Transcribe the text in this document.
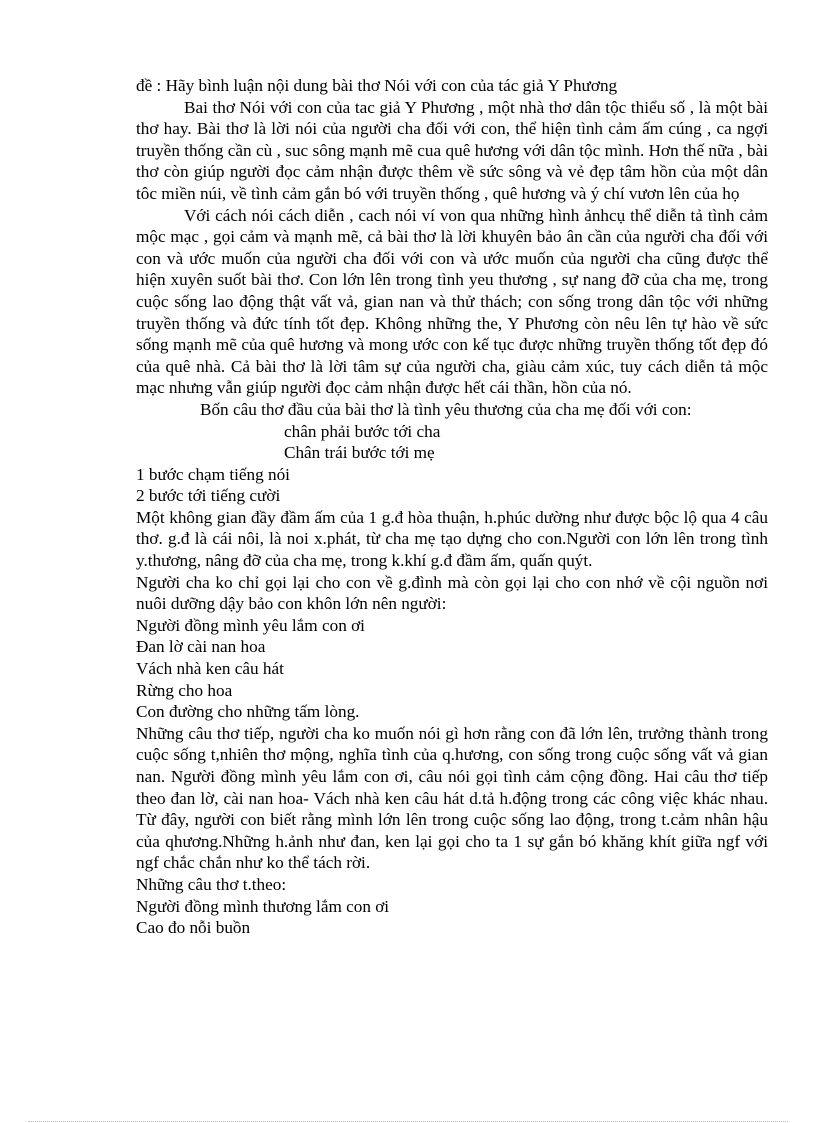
đề : Hãy bình luận nội dung bài thơ Nói với con của tác giả Y Phương

Bai thơ Nói với con của tac giả Y Phương , một nhà thơ dân tộc thiểu số , là một bài thơ hay. Bài thơ là lời nói của người cha đối với con, thể hiện tình cảm ấm cúng , ca ngợi truyền thống cần cù , suc sông mạnh mẽ cua quê hương với dân tộc mình. Hơn thế nữa , bài thơ còn giúp người đọc cảm nhận được thêm về sức sông và vẻ đẹp tâm hồn của một dân tôc miền núi, về tình cảm gắn bó với truyền thống , quê hương và ý chí vươn lên của họ

Với cách nói cách diễn , cach nói ví von qua những hình ảnhcụ thể diễn tả tình cảm mộc mạc , gọi cảm và mạnh mẽ, cả bài thơ là lời khuyên bảo ân cần của người cha đối với con và ước muốn của người cha đối với con và ước muốn của người cha cũng được thể hiện xuyên suốt bài thơ. Con lớn lên trong tình yeu thương , sự nang đỡ của cha mẹ, trong cuộc sống lao động thật vất vả, gian nan và thử thách; con sống trong dân tộc với những truyền thống và đức tính tốt đẹp. Không những the, Y Phương còn nêu lên tự hào về sức sống mạnh mẽ của quê hương và mong ước con kế tục được những truyền thống tốt đẹp đó của quê nhà. Cả bài thơ là lời tâm sự của người cha, giàu cảm xúc, tuy cách diễn tả mộc mạc nhưng vẫn giúp người đọc cảm nhận được hết cái thần, hồn của nó.

Bốn câu thơ đầu của bài thơ là tình yêu thương của cha mẹ đối với con:

chân phải bước tới cha

Chân trái bước tới mẹ

1 bước chạm tiếng nói

2 bước tới tiếng cười

Một không gian đầy đầm ấm của 1 g.đ hòa thuận, h.phúc dường như được bộc lộ qua 4 câu thơ. g.đ là cái nôi, là noi x.phát, từ cha mẹ tạo dựng cho con.Người con lớn lên trong tình y.thương, nâng đỡ của cha mẹ, trong k.khí g.đ đầm ấm, quấn quýt.

Người cha ko chỉ gọi lại cho con về g.đình mà còn gọi lại cho con nhớ về cội nguồn nơi nuôi dưỡng dậy bảo con khôn lớn nên người:

Người đồng mình yêu lắm con ơi

Đan lờ cài nan hoa

Vách nhà ken câu hát

Rừng cho hoa

Con đường cho những tấm lòng.

Những câu thơ tiếp, người cha ko muốn nói gì hơn rằng con đã lớn lên, trưởng thành trong cuộc sống t,nhiên thơ mộng, nghĩa tình của q.hương, con sống trong cuộc sống vất vả gian nan. Người đồng mình yêu lắm con ơi, câu nói gọi tình cảm cộng đồng. Hai câu thơ tiếp theo đan lờ, cài nan hoa- Vách nhà ken câu hát d.tả h.động trong các công việc khác nhau. Từ đây, người con biết rằng mình lớn lên trong cuộc sống lao động, trong t.cảm nhân hậu của qhương.Những h.ảnh như đan, ken lại gọi cho ta 1 sự gắn bó khăng khít giữa ngf với ngf chắc chắn như ko thể tách rời.

Những câu thơ t.theo:

Người đồng mình thương lắm con ơi

Cao đo nỗi buồn
